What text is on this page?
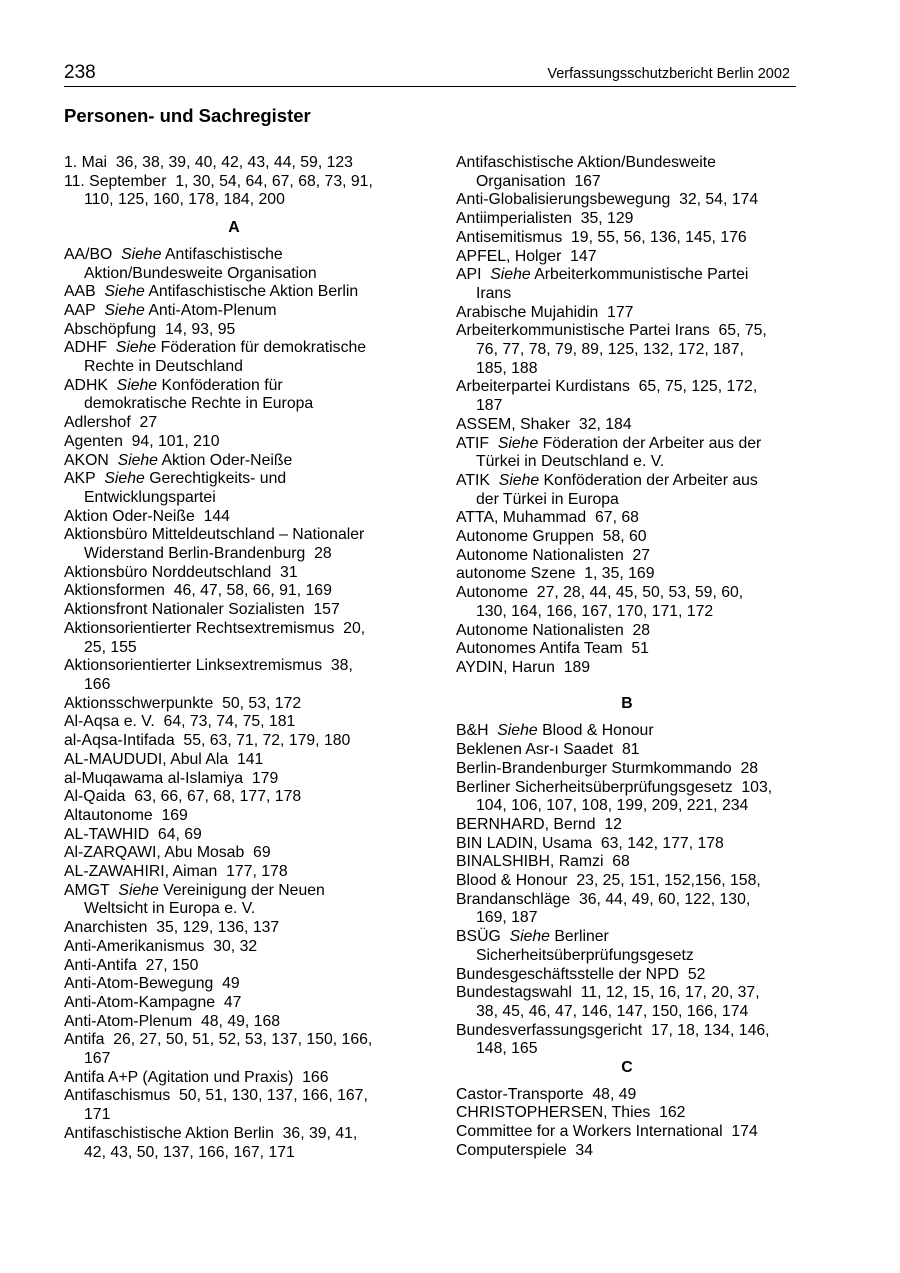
238	Verfassungsschutzbericht Berlin 2002
Personen- und Sachregister
1. Mai 36, 38, 39, 40, 42, 43, 44, 59, 123
11. September 1, 30, 54, 64, 67, 68, 73, 91,
110, 125, 160, 178, 184, 200
A
AA/BO Siehe Antifaschistische
Aktion/Bundesweite Organisation
AAB Siehe Antifaschistische Aktion Berlin
AAP Siehe Anti-Atom-Plenum
Abschöpfung 14, 93, 95
ADHF Siehe Föderation für demokratische
Rechte in Deutschland
ADHK Siehe Konföderation für
demokratische Rechte in Europa
Adlershof 27
Agenten 94, 101, 210
AKON Siehe Aktion Oder-Neiße
AKP Siehe Gerechtigkeits- und
Entwicklungspartei
Aktion Oder-Neiße 144
Aktionsbüro Mitteldeutschland – Nationaler
Widerstand Berlin-Brandenburg 28
Aktionsbüro Norddeutschland 31
Aktionsformen 46, 47, 58, 66, 91, 169
Aktionsfront Nationaler Sozialisten 157
Aktionsorientierter Rechtsextremismus 20,
25, 155
Aktionsorientierter Linksextremismus 38,
166
Aktionsschwerpunkte 50, 53, 172
Al-Aqsa e. V. 64, 73, 74, 75, 181
al-Aqsa-Intifada 55, 63, 71, 72, 179, 180
AL-MAUDUDI, Abul Ala 141
al-Muqawama al-Islamiya 179
Al-Qaida 63, 66, 67, 68, 177, 178
Altautonome 169
AL-TAWHID 64, 69
Al-ZARQAWI, Abu Mosab 69
AL-ZAWAHIRI, Aiman 177, 178
AMGT Siehe Vereinigung der Neuen
Weltsicht in Europa e. V.
Anarchisten 35, 129, 136, 137
Anti-Amerikanismus 30, 32
Anti-Antifa 27, 150
Anti-Atom-Bewegung 49
Anti-Atom-Kampagne 47
Anti-Atom-Plenum 48, 49, 168
Antifa 26, 27, 50, 51, 52, 53, 137, 150, 166,
167
Antifa A+P (Agitation und Praxis) 166
Antifaschismus 50, 51, 130, 137, 166, 167,
171
Antifaschistische Aktion Berlin 36, 39, 41,
42, 43, 50, 137, 166, 167, 171
Antifaschistische Aktion/Bundesweite
Organisation 167
Anti-Globalisierungsbewegung 32, 54, 174
Antiimperialisten 35, 129
Antisemitismus 19, 55, 56, 136, 145, 176
APFEL, Holger 147
API Siehe Arbeiterkommunistische Partei
Irans
Arabische Mujahidin 177
Arbeiterkommunistische Partei Irans 65, 75,
76, 77, 78, 79, 89, 125, 132, 172, 187,
185, 188
Arbeiterpartei Kurdistans 65, 75, 125, 172,
187
ASSEM, Shaker 32, 184
ATIF Siehe Föderation der Arbeiter aus der
Türkei in Deutschland e. V.
ATIK Siehe Konföderation der Arbeiter aus
der Türkei in Europa
ATTA, Muhammad 67, 68
Autonome Gruppen 58, 60
Autonome Nationalisten 27
autonome Szene 1, 35, 169
Autonome 27, 28, 44, 45, 50, 53, 59, 60,
130, 164, 166, 167, 170, 171, 172
Autonome Nationalisten 28
Autonomes Antifa Team 51
AYDIN, Harun 189
B
B&H Siehe Blood & Honour
Beklenen Asr-ı Saadet 81
Berlin-Brandenburger Sturmkommando 28
Berliner Sicherheitsüberprüfungsgesetz 103,
104, 106, 107, 108, 199, 209, 221, 234
BERNHARD, Bernd 12
BIN LADIN, Usama 63, 142, 177, 178
BINALSHIBH, Ramzi 68
Blood & Honour 23, 25, 151, 152,156, 158,
Brandanschläge 36, 44, 49, 60, 122, 130,
169, 187
BSÜG Siehe Berliner
Sicherheitsüberprüfungsgesetz
Bundesgeschäftsstelle der NPD 52
Bundestagswahl 11, 12, 15, 16, 17, 20, 37,
38, 45, 46, 47, 146, 147, 150, 166, 174
Bundesverfassungsgericht 17, 18, 134, 146,
148, 165
C
Castor-Transporte 48, 49
CHRISTOPHERSEN, Thies 162
Committee for a Workers International 174
Computerspiele 34
